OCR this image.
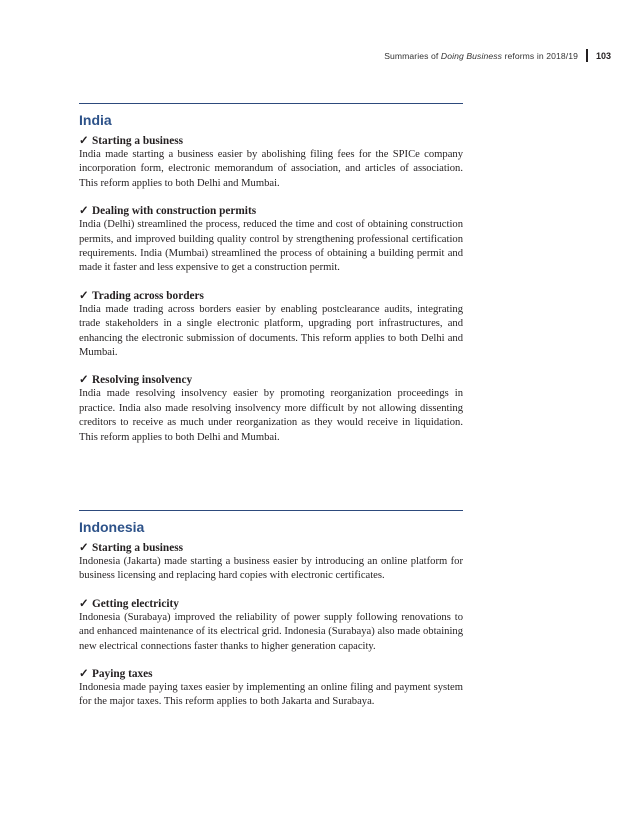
Summaries of Doing Business reforms in 2018/19 103
India
✓ Starting a business

India made starting a business easier by abolishing filing fees for the SPICe company incorporation form, electronic memorandum of association, and articles of association. This reform applies to both Delhi and Mumbai.

✓ Dealing with construction permits

India (Delhi) streamlined the process, reduced the time and cost of obtaining construction permits, and improved building quality control by strengthening professional certification requirements. India (Mumbai) streamlined the process of obtaining a building permit and made it faster and less expensive to get a construction permit.

✓ Trading across borders

India made trading across borders easier by enabling postclearance audits, integrating trade stakeholders in a single electronic platform, upgrading port infrastructures, and enhancing the electronic submission of documents. This reform applies to both Delhi and Mumbai.

✓ Resolving insolvency

India made resolving insolvency easier by promoting reorganization proceedings in practice. India also made resolving insolvency more difficult by not allowing dissenting creditors to receive as much under reorganization as they would receive in liquidation. This reform applies to both Delhi and Mumbai.

Indonesia
✓ Starting a business

Indonesia (Jakarta) made starting a business easier by introducing an online platform for business licensing and replacing hard copies with electronic certificates.

✓ Getting electricity

Indonesia (Surabaya) improved the reliability of power supply following renovations to and enhanced maintenance of its electrical grid. Indonesia (Surabaya) also made obtaining new electrical connections faster thanks to higher generation capacity.

✓ Paying taxes

Indonesia made paying taxes easier by implementing an online filing and payment system for the major taxes. This reform applies to both Jakarta and Surabaya.
